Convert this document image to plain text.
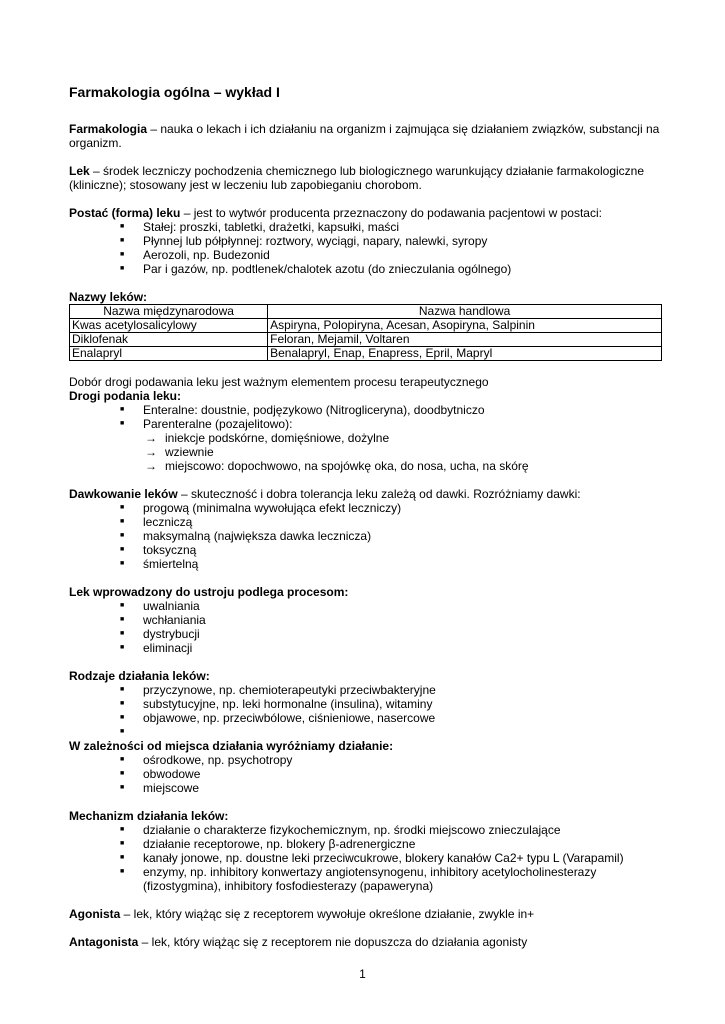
Farmakologia ogólna – wykład I

Farmakologia – nauka o lekach i ich działaniu na organizm i zajmująca się działaniem związków, substancji na organizm.

Lek – środek leczniczy pochodzenia chemicznego lub biologicznego warunkujący działanie farmakologiczne (kliniczne); stosowany jest w leczeniu lub zapobieganiu chorobom.

Postać (forma) leku – jest to wytwór producenta przeznaczony do podawania pacjentowi w postaci:

■ Stałej: proszki, tabletki, drażetki, kapsułki, maści
■ Płynnej lub półpłynnej: roztwory, wyciągi, napary, nalewki, syropy
■ Aerozoli, np. Budezonid
■ Par i gazów, np. podtlenek/chalotek azotu (do znieczulania ogólnego)

Nazwy leków:

Nazwa międzynarodowa	Nazwa handlowa
Kwas acetylosalicylowy	Aspiryna, Polopiryna, Acesan, Asopiryna, Salpinin
Diklofenak	Feloran, Mejamil, Voltaren
Enalapryl	Benalapryl, Enap, Enapress, Epril, Mapryl

Dobór drogi podawania leku jest ważnym elementem procesu terapeutycznego

Drogi podania leku:

■ Enteralne: doustnie, podjęzykowo (Nitrogliceryna), doodbytniczo
■ Parenteralne (pozajelitowo):
→ iniekcje podskórne, domięśniowe, dożylne
→ wziewnie
→ miejscowo: dopochwowo, na spojówkę oka, do nosa, ucha, na skórę

Dawkowanie leków – skuteczność i dobra tolerancja leku zależą od dawki. Rozróżniamy dawki:

■ progową (minimalna wywołująca efekt leczniczy)
■ leczniczą
■ maksymalną (największa dawka lecznicza)
■ toksyczną
■ śmiertelną

Lek wprowadzony do ustroju podlega procesom:

■ uwalniania
■ wchłaniania
■ dystrybucji
■ eliminacji

Rodzaje działania leków:

■ przyczynowe, np. chemioterapeutyki przeciwbakteryjne
■ substytucyjne, np. leki hormonalne (insulina), witaminy
■ objawowe, np. przeciwbólowe, ciśnieniowe, nasercowe
■

W zależności od miejsca działania wyróżniamy działanie:

■ ośrodkowe, np. psychotropy
■ obwodowe
■ miejscowe

Mechanizm działania leków:

■ działanie o charakterze fizykochemicznym, np. środki miejscowo znieczulające
■ działanie receptorowe, np. blokery β-adrenergiczne
■ kanały jonowe, np. doustne leki przeciwcukrowe, blokery kanałów Ca2+ typu L (Varapamil)
■ enzymy, np. inhibitory konwertazy angiotensynogenu, inhibitory acetylocholinesterazy (fizostygmina), inhibitory fosfodiesterazy (papaweryna)

Agonista – lek, który wiążąc się z receptorem wywołuje określone działanie, zwykle in+

Antagonista – lek, który wiążąc się z receptorem nie dopuszcza do działania agonisty

1
